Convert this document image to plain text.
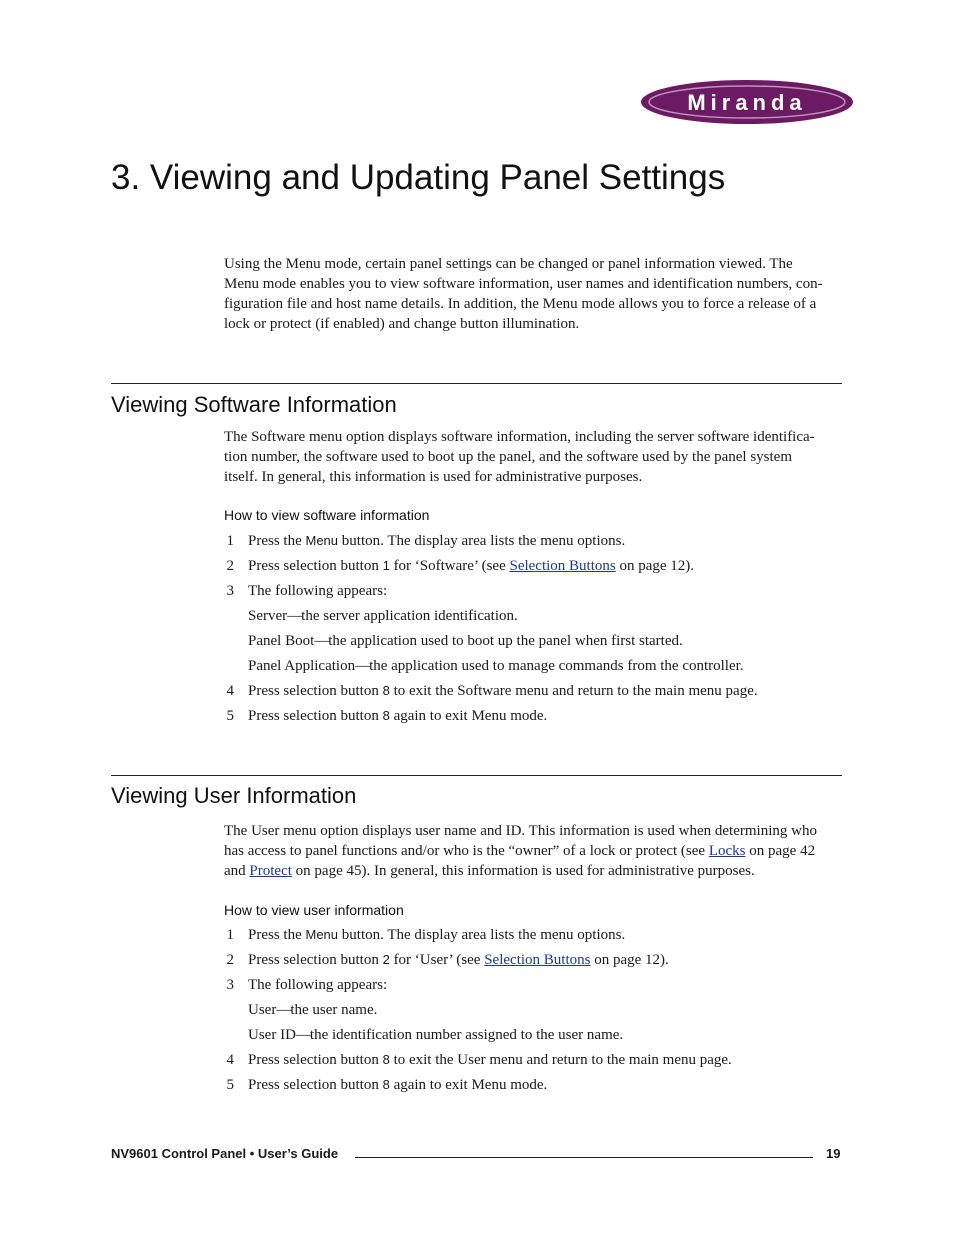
Miranda
3. Viewing and Updating Panel Settings
Using the Menu mode, certain panel settings can be changed or panel information viewed. The
Menu mode enables you to view software information, user names and identification numbers, con-
figuration file and host name details. In addition, the Menu mode allows you to force a release of a
lock or protect (if enabled) and change button illumination.
Viewing Software Information
The Software menu option displays software information, including the server software identifica-
tion number, the software used to boot up the panel, and the software used by the panel system
itself. In general, this information is used for administrative purposes.
How to view software information
1 Press the Menu button. The display area lists the menu options.
2 Press selection button 1 for ‘Software’ (see Selection Buttons on page 12).
3 The following appears:
Server—the server application identification.
Panel Boot—the application used to boot up the panel when first started.
Panel Application—the application used to manage commands from the controller.
4 Press selection button 8 to exit the Software menu and return to the main menu page.
5 Press selection button 8 again to exit Menu mode.
Viewing User Information
The User menu option displays user name and ID. This information is used when determining who
has access to panel functions and/or who is the “owner” of a lock or protect (see Locks on page 42
and Protect on page 45). In general, this information is used for administrative purposes.
How to view user information
1 Press the Menu button. The display area lists the menu options.
2 Press selection button 2 for ‘User’ (see Selection Buttons on page 12).
3 The following appears:
User—the user name.
User ID—the identification number assigned to the user name.
4 Press selection button 8 to exit the User menu and return to the main menu page.
5 Press selection button 8 again to exit Menu mode.
NV9601 Control Panel • User’s Guide	19
